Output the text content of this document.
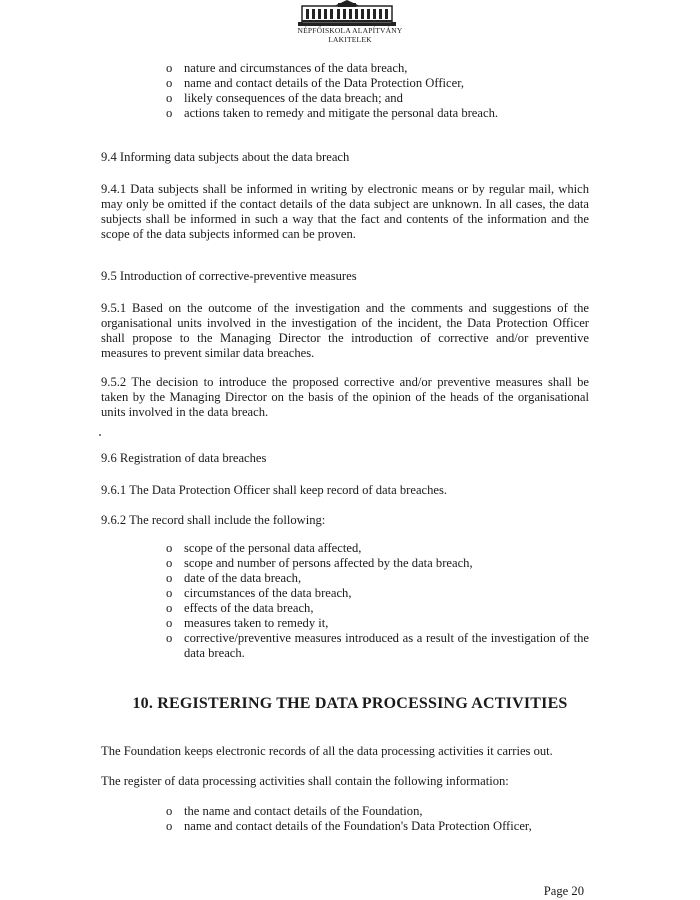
NÉPFŐISKOLA ALAPÍTVÁNY
LAKITELEK
o nature and circumstances of the data breach,
o name and contact details of the Data Protection Officer,
o likely consequences of the data breach; and
o actions taken to remedy and mitigate the personal data breach.
9.4 Informing data subjects about the data breach

9.4.1 Data subjects shall be informed in writing by electronic means or by regular mail, which may only be omitted if the contact details of the data subject are unknown. In all cases, the data subjects shall be informed in such a way that the fact and contents of the information and the scope of the data subjects informed can be proven.

9.5 Introduction of corrective-preventive measures

9.5.1 Based on the outcome of the investigation and the comments and suggestions of the organisational units involved in the investigation of the incident, the Data Protection Officer shall propose to the Managing Director the introduction of corrective and/or preventive measures to prevent similar data breaches.

9.5.2 The decision to introduce the proposed corrective and/or preventive measures shall be taken by the Managing Director on the basis of the opinion of the heads of the organisational units involved in the data breach.

9.6 Registration of data breaches

9.6.1 The Data Protection Officer shall keep record of data breaches.

9.6.2 The record shall include the following:

o scope of the personal data affected,
o scope and number of persons affected by the data breach,
o date of the data breach,
o circumstances of the data breach,
o effects of the data breach,
o measures taken to remedy it,
o corrective/preventive measures introduced as a result of the investigation of the data breach.
10. REGISTERING THE DATA PROCESSING ACTIVITIES

The Foundation keeps electronic records of all the data processing activities it carries out.

The register of data processing activities shall contain the following information:

o the name and contact details of the Foundation,
o name and contact details of the Foundation's Data Protection Officer,
Page 20
